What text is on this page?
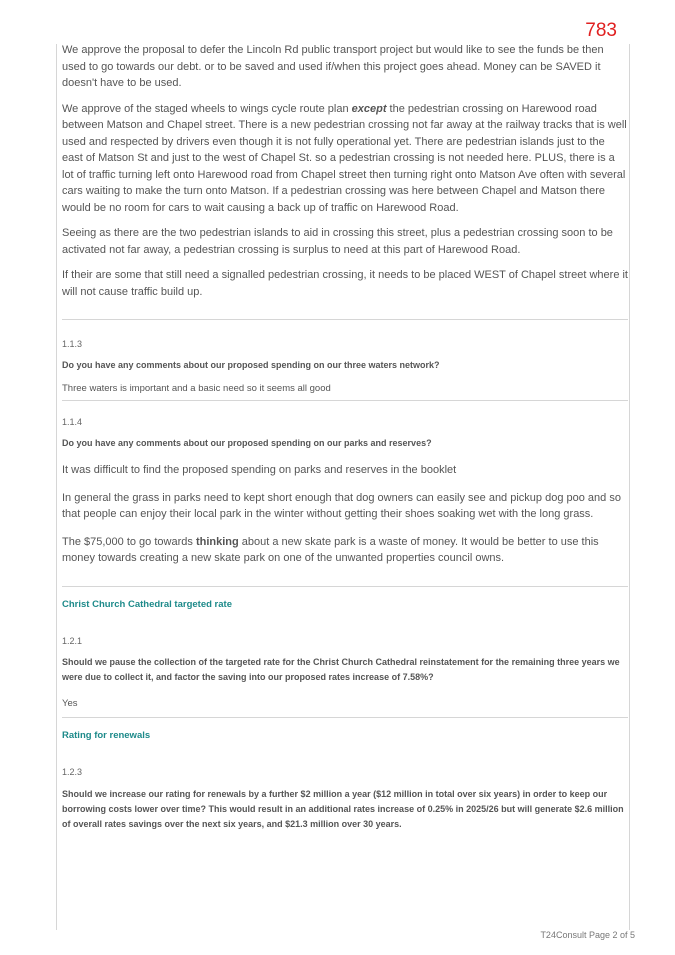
783

We approve the proposal to defer the Lincoln Rd public transport project but would like to see the funds be then used to go towards our debt. or to be saved and used if/when this project goes ahead. Money can be SAVED it doesn't have to be used.

We approve of the staged wheels to wings cycle route plan except the pedestrian crossing on Harewood road between Matson and Chapel street. There is a new pedestrian crossing not far away at the railway tracks that is well used and respected by drivers even though it is not fully operational yet. There are pedestrian islands just to the east of Matson St and just to the west of Chapel St. so a pedestrian crossing is not needed here. PLUS, there is a lot of traffic turning left onto Harewood road from Chapel street then turning right onto Matson Ave often with several cars waiting to make the turn onto Matson. If a pedestrian crossing was here between Chapel and Matson there would be no room for cars to wait causing a back up of traffic on Harewood Road.

Seeing as there are the two pedestrian islands to aid in crossing this street, plus a pedestrian crossing soon to be activated not far away, a pedestrian crossing is surplus to need at this part of Harewood Road.

If their are some that still need a signalled pedestrian crossing, it needs to be placed WEST of Chapel street where it will not cause traffic build up.

1.1.3

Do you have any comments about our proposed spending on our three waters network?

Three waters is important and a basic need so it seems all good

1.1.4

Do you have any comments about our proposed spending on our parks and reserves?

It was difficult to find the proposed spending on parks and reserves in the booklet

In general the grass in parks need to kept short enough that dog owners can easily see and pickup dog poo and so that people can enjoy their local park in the winter without getting their shoes soaking wet with the long grass.

The $75,000 to go towards thinking about a new skate park is a waste of money. It would be better to use this money towards creating a new skate park on one of the unwanted properties council owns.

Christ Church Cathedral targeted rate

1.2.1

Should we pause the collection of the targeted rate for the Christ Church Cathedral reinstatement for the remaining three years we were due to collect it, and factor the saving into our proposed rates increase of 7.58%?

Yes

Rating for renewals

1.2.3

Should we increase our rating for renewals by a further $2 million a year ($12 million in total over six years) in order to keep our borrowing costs lower over time? This would result in an additional rates increase of 0.25% in 2025/26 but will generate $2.6 million of overall rates savings over the next six years, and $21.3 million over 30 years.

T24Consult Page 2 of 5
